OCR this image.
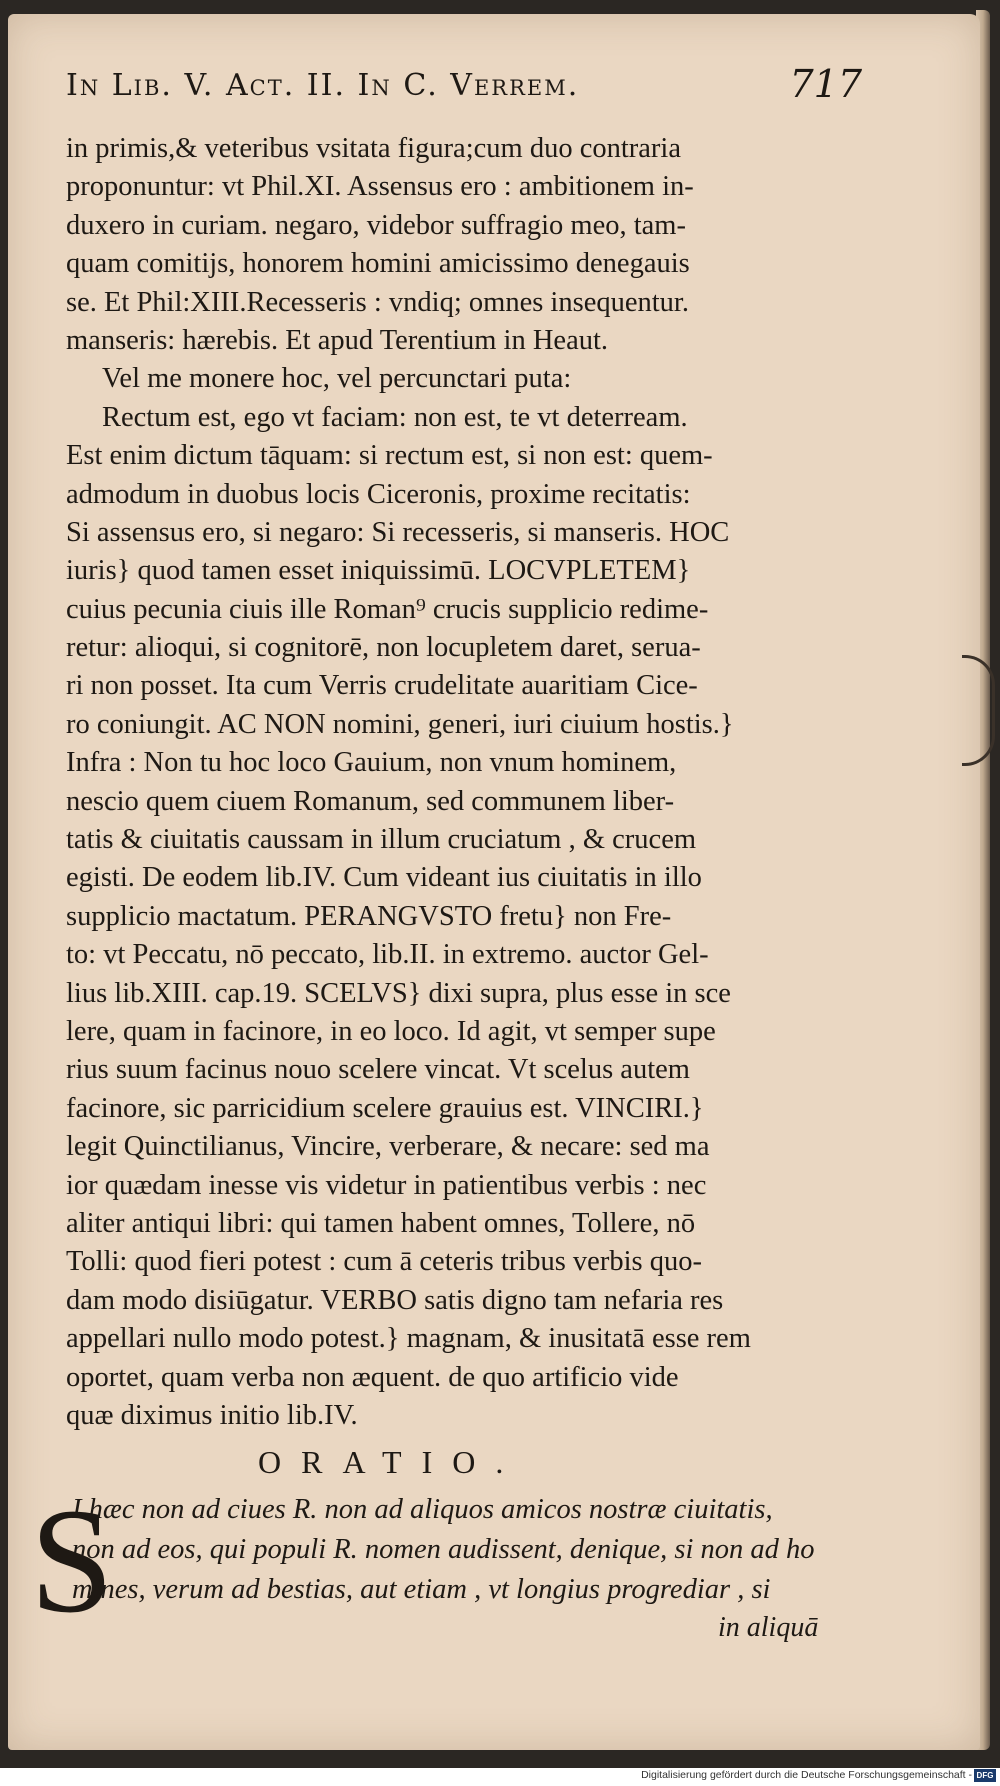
In Lib. V. Act. II. In C. Verrem.	717
in primis,& veteribus vsitata figura;cum duo contraria
proponuntur: vt Phil.XI. Assensus ero : ambitionem in-
duxero in curiam. negaro, videbor suffragio meo, tam-
quam comitijs, honorem homini amicissimo denegauis
se. Et Phil:XIII.Recesseris : vndiq; omnes insequentur.
manseris: hærebis. Et apud Terentium in Heaut.
Vel me monere hoc, vel percunctari puta:
Rectum est, ego vt faciam: non est, te vt deterream.
Est enim dictum tāquam: si rectum est, si non est: quem-
admodum in duobus locis Ciceronis, proxime recitatis:
Si assensus ero, si negaro: Si recesseris, si manseris. HOC
iuris} quod tamen esset iniquissimū. LOCVPLETEM}
cuius pecunia ciuis ille Roman⁹ crucis supplicio redime-
retur: alioqui, si cognitorē, non locupletem daret, serua-
ri non posset. Ita cum Verris crudelitate auaritiam Cice-
ro coniungit. AC NON nomini, generi, iuri ciuium hostis.}
Infra : Non tu hoc loco Gauium, non vnum hominem,
nescio quem ciuem Romanum, sed communem liber-
tatis & ciuitatis caussam in illum cruciatum , & crucem
egisti. De eodem lib.IV. Cum videant ius ciuitatis in illo
supplicio mactatum. PERANGVSTO fretu} non Fre-
to: vt Peccatu, nō peccato, lib.II. in extremo. auctor Gel-
lius lib.XIII. cap.19. SCELVS} dixi supra, plus esse in sce
lere, quam in facinore, in eo loco. Id agit, vt semper supe
rius suum facinus nouo scelere vincat. Vt scelus autem
facinore, sic parricidium scelere grauius est. VINCIRI.}
legit Quinctilianus, Vincire, verberare, & necare: sed ma
ior quædam inesse vis videtur in patientibus verbis : nec
aliter antiqui libri: qui tamen habent omnes, Tollere, nō
Tolli: quod fieri potest : cum ā ceteris tribus verbis quo-
dam modo disiūgatur. VERBO satis digno tam nefaria res
appellari nullo modo potest.} magnam, & inusitatā esse rem
oportet, quam verba non æquent. de quo artificio vide
quæ diximus initio lib.IV.
ORATIO.
S
I hæc non ad ciues R. non ad aliquos amicos nostræ ciuitatis,
non ad eos, qui populi R. nomen audissent, denique, si non ad ho
mines, verum ad bestias, aut etiam , vt longius progrediar , si
in aliquā
Digitalisierung gefördert durch die Deutsche Forschungsgemeinschaft - DFG
